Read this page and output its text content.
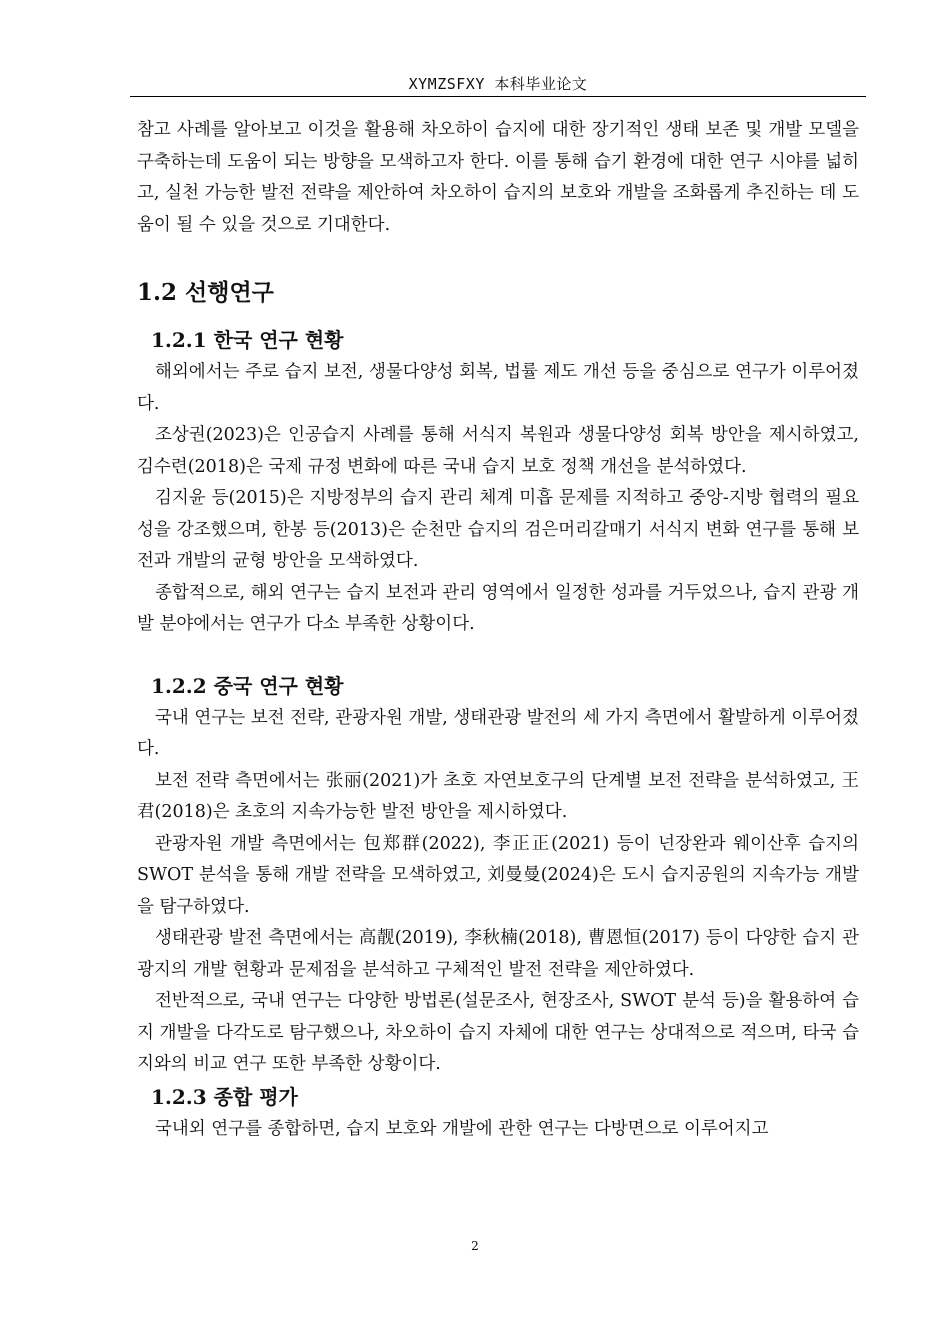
XYMZSFXY 本科毕业论文

참고 사례를 알아보고 이것을 활용해 차오하이 습지에 대한 장기적인 생태 보존 및 개발 모델을 구축하는데 도움이 되는 방향을 모색하고자 한다. 이를 통해 습기 환경에 대한 연구 시야를 넓히고, 실천 가능한 발전 전략을 제안하여 차오하이 습지의 보호와 개발을 조화롭게 추진하는 데 도움이 될 수 있을 것으로 기대한다.

1.2 선행연구
1.2.1 한국 연구 현황

해외에서는 주로 습지 보전, 생물다양성 회복, 법률 제도 개선 등을 중심으로 연구가 이루어졌다.

조상권(2023)은 인공습지 사례를 통해 서식지 복원과 생물다양성 회복 방안을 제시하였고, 김수련(2018)은 국제 규정 변화에 따른 국내 습지 보호 정책 개선을 분석하였다.

김지윤 등(2015)은 지방정부의 습지 관리 체계 미흡 문제를 지적하고 중앙-지방 협력의 필요성을 강조했으며, 한봉 등(2013)은 순천만 습지의 검은머리갈매기 서식지 변화 연구를 통해 보전과 개발의 균형 방안을 모색하였다.

종합적으로, 해외 연구는 습지 보전과 관리 영역에서 일정한 성과를 거두었으나, 습지 관광 개발 분야에서는 연구가 다소 부족한 상황이다.

1.2.2 중국 연구 현황

국내 연구는 보전 전략, 관광자원 개발, 생태관광 발전의 세 가지 측면에서 활발하게 이루어졌다.

보전 전략 측면에서는 张丽(2021)가 초호 자연보호구의 단계별 보전 전략을 분석하였고, 王君(2018)은 초호의 지속가능한 발전 방안을 제시하였다.

관광자원 개발 측면에서는 包郑群(2022), 李正正(2021) 등이 넌장완과 웨이산후 습지의 SWOT 분석을 통해 개발 전략을 모색하였고, 刘曼曼(2024)은 도시 습지공원의 지속가능 개발을 탐구하였다.

생태관광 발전 측면에서는 高靓(2019), 李秋楠(2018), 曹恩恒(2017) 등이 다양한 습지 관광지의 개발 현황과 문제점을 분석하고 구체적인 발전 전략을 제안하였다.

전반적으로, 국내 연구는 다양한 방법론(설문조사, 현장조사, SWOT 분석 등)을 활용하여 습지 개발을 다각도로 탐구했으나, 차오하이 습지 자체에 대한 연구는 상대적으로 적으며, 타국 습지와의 비교 연구 또한 부족한 상황이다.

1.2.3 종합 평가

국내외 연구를 종합하면, 습지 보호와 개발에 관한 연구는 다방면으로 이루어지고

2
